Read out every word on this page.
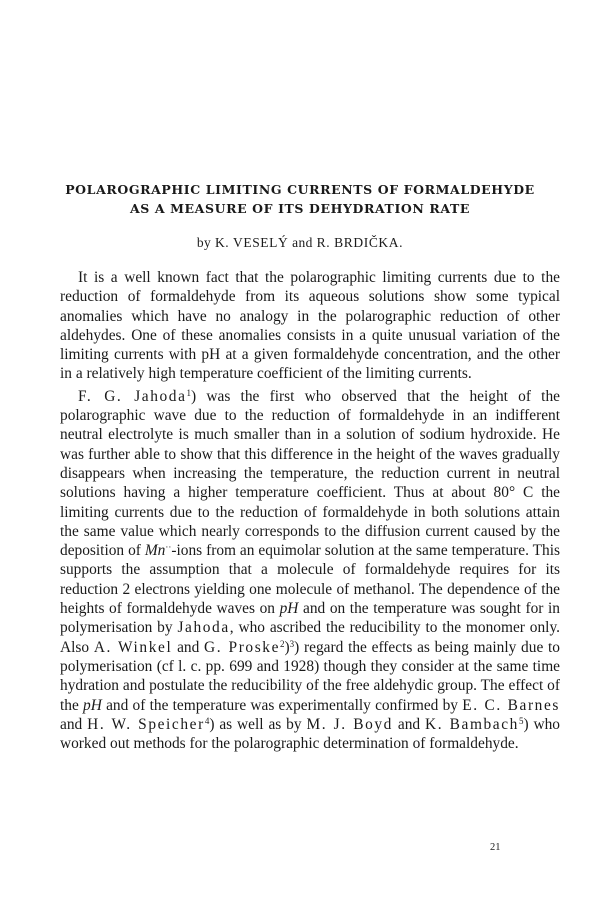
POLAROGRAPHIC LIMITING CURRENTS OF FORMALDEHYDE
AS A MEASURE OF ITS DEHYDRATION RATE
by K. VESELÝ and R. BRDIČKA.

It is a well known fact that the polarographic limiting currents due to the reduction of formaldehyde from its aqueous solutions show some typical anomalies which have no analogy in the polarographic reduction of other aldehydes. One of these anomalies consists in a quite unusual variation of the limiting currents with pH at a given formaldehyde concentration, and the other in a relatively high temperature coefficient of the limiting currents.

F. G. Jahoda$^1$) was the first who observed that the height of the polarographic wave due to the reduction of formaldehyde in an indifferent neutral electrolyte is much smaller than in a solution of sodium hydroxide. He was further able to show that this difference in the height of the waves gradually disappears when increasing the temperature, the reduction current in neutral solutions having a higher temperature coefficient. Thus at about 80° C the limiting currents due to the reduction of formaldehyde in both solutions attain the same value which nearly corresponds to the diffusion current caused by the deposition of Mn··-ions from an equimolar solution at the same temperature. This supports the assumption that a molecule of formaldehyde requires for its reduction 2 electrons yielding one molecule of methanol. The dependence of the heights of formaldehyde waves on pH and on the temperature was sought for in polymerisation by Jahoda, who ascribed the reducibility to the monomer only. Also A. Winkel and G. Proske$^2$)$^3$) regard the effects as being mainly due to polymerisation (cf l. c. pp. 699 and 1928) though they consider at the same time hydration and postulate the reducibility of the free aldehydic group. The effect of the pH and of the temperature was experimentally confirmed by E. C. Barnes and H. W. Speicher$^4$) as well as by M. J. Boyd and K. Bambach$^5$) who worked out methods for the polarographic determination of formaldehyde.

21
